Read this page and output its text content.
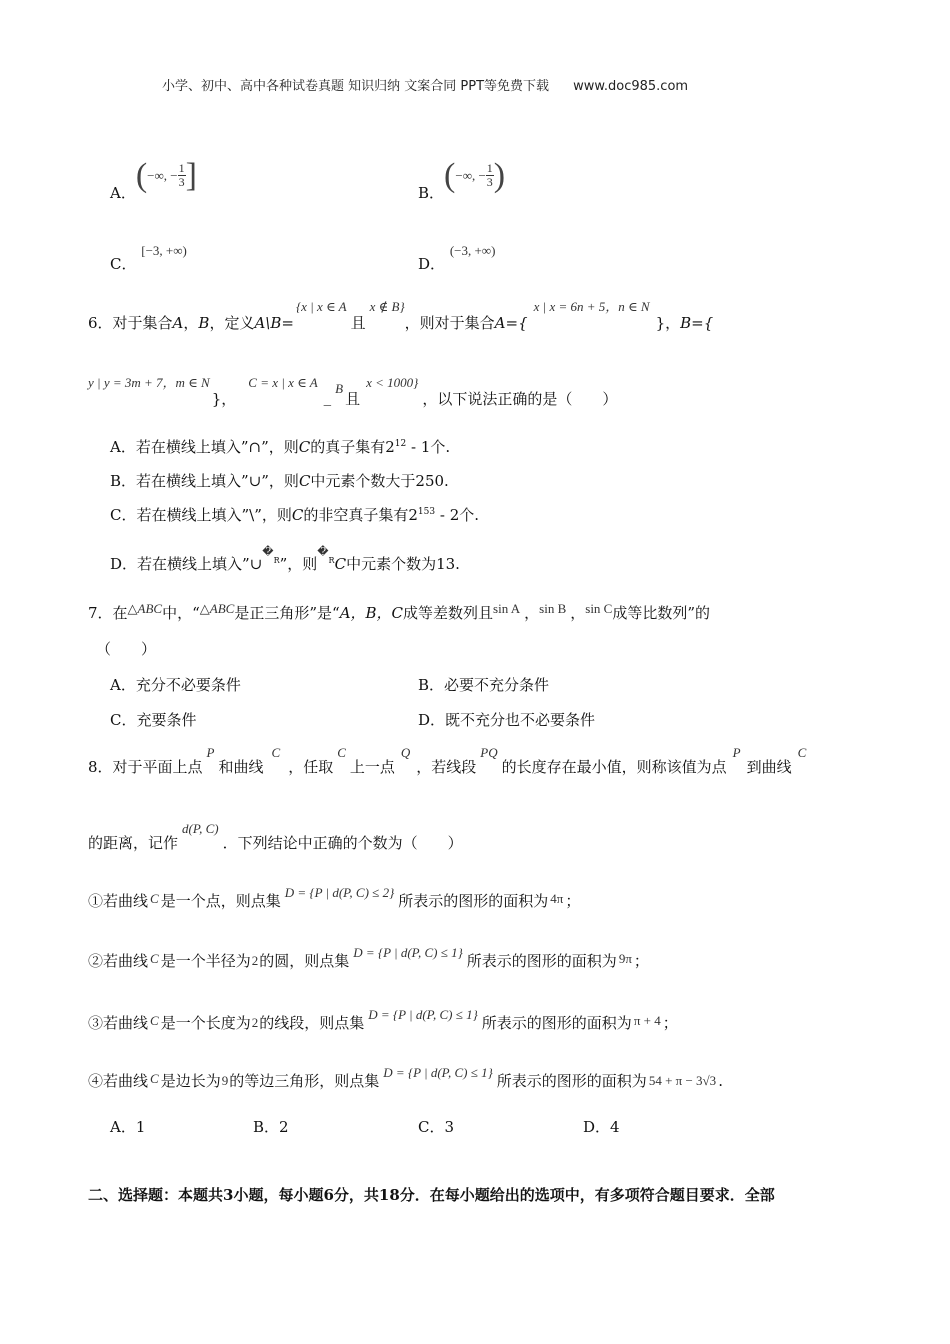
小学、初中、高中各种试卷真题 知识归纳 文案合同 PPT等免费下载 www.doc985.com
A． ( −∞, − $\frac{1}{3}$ ]	B． ( −∞, − $\frac{1}{3}$ )
C． [−3, +∞)
D． (−3, +∞)
6．对于集合 A ， B ，定义 A\B=
{x | x ∈ A
且
x ∉ B}
，则对于集合 A={
x | x = 6n + 5，n ∈ N
}， B={
y | y = 3m + 7，m ∈ N
}，
C = x | x ∈ A
_ B
且
x < 1000}
，以下说法正确的是（　　）
A．若在横线上填入”∩”，则C的真子集有$2^{12} - 1$个.
B．若在横线上填入”∪”，则C中元素个数大于250.
C．若在横线上填入”\”，则C的非空真子集有$2^{153} - 2$个.
D．若在横线上填入”∪$^{�R}$”，则$^{�R}$C中元素个数为13.
7．在 △ABC 中，“ △ABC 是正三角形”是“ A，B，C 成等差数列且 sin A ， sin B ， sin C 成等比数列”的
（　　）
A．充分不必要条件	B．必要不充分条件
C．充要条件	D．既不充分也不必要条件
8．对于平面上点
P
和曲线
C
，任取
C
上一点
Q
，若线段
PQ
的长度存在最小值，则称该值为点
P
到曲线
C
的距离，记作
d(P, C)
．下列结论中正确的个数为（　　）
①若曲线 C 是一个点，则点集 D = {P | d(P, C) ≤ 2} 所表示的图形的面积为 4π ；
②若曲线 C 是一个半径为 2 的圆，则点集 D = {P | d(P, C) ≤ 1} 所表示的图形的面积为 9π ；
③若曲线 C 是一个长度为 2 的线段，则点集 D = {P | d(P, C) ≤ 1} 所表示的图形的面积为 π + 4 ；
④若曲线 C 是边长为 9 的等边三角形，则点集 D = {P | d(P, C) ≤ 1} 所表示的图形的面积为 54 + π − 3√3 .
A．1	B．2	C．3	D．4
二、选择题：本题共3小题，每小题6分，共18分．在每小题给出的选项中，有多项符合题目要求．全部
